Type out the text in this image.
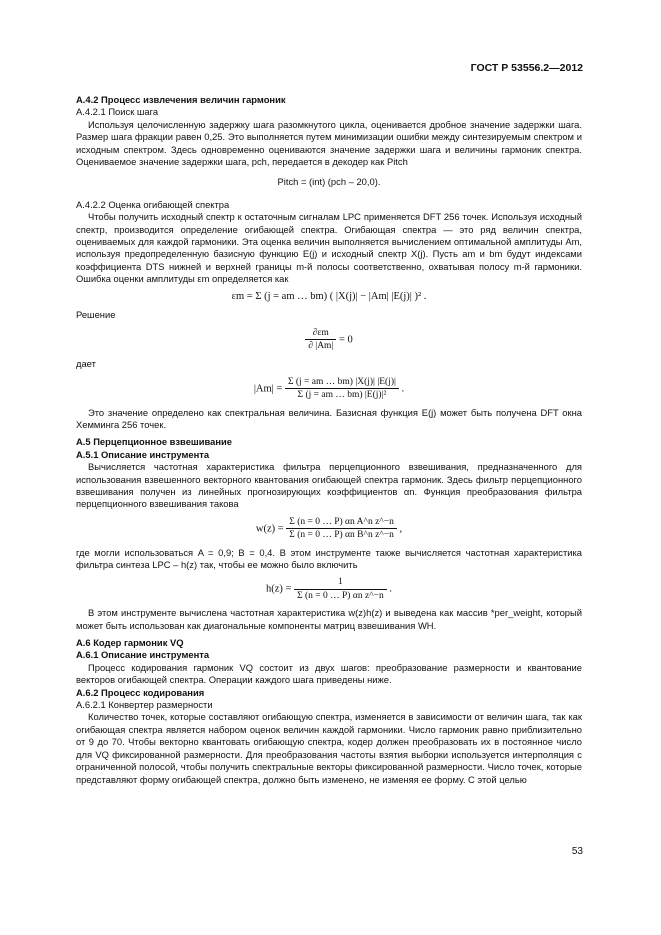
ГОСТ Р 53556.2—2012
А.4.2 Процесс извлечения величин гармоник
А.4.2.1 Поиск шага

Используя целочисленную задержку шага разомкнутого цикла, оценивается дробное значение задержки шага. Размер шага фракции равен 0,25. Это выполняется путем минимизации ошибки между синтезируемым спектром и исходным спектром. Здесь одновременно оцениваются значение задержки шага и величины гармоник спектра. Оцениваемое значение задержки шага, pch, передается в декодер как Pitch

Pitch = (int) (pch – 20,0).
А.4.2.2 Оценка огибающей спектра

Чтобы получить исходный спектр к остаточным сигналам LPC применяется DFT 256 точек. Используя исходный спектр, производится определение огибающей спектра. Огибающая спектра — это ряд величин спектра, оцениваемых для каждой гармоники. Эта оценка величин выполняется вычислением оптимальной амплитуды Am, используя предопределенную базисную функцию E(j) и исходный спектр X(j). Пусть am и bm будут индексами коэффициента DTS нижней и верхней границы m-й полосы соответственно, охватывая полосу m-й гармоники. Ошибка оценки амплитуды εm определяется как

εm = Σ (j = am … bm) ( |X(j)| − |Am| |E(j)| )² .
Решение
$\frac{\partial\varepsilon m}{\partial |Am|} = 0$
дает
$|Am| = \frac{\Sigma (j = am \dots bm) |X(j)| |E(j)|}{\text{Σ (j = am … bm) |E(j)|²}}$ .

Это значение определено как спектральная величина. Базисная функция E(j) может быть получена DFT окна Хемминга 256 точек.

А.5 Перцепционное взвешивание
А.5.1 Описание инструмента

Вычисляется частотная характеристика фильтра перцепционного взвешивания, предназначенного для использования взвешенного векторного квантования огибающей спектра гармоник. Здесь фильтр перцепционного взвешивания получен из линейных прогнозирующих коэффициентов αn. Функция преобразования фильтра перцепционного взвешивания такова

$w(z) = \frac{\text{Σ (n = 0 … P) αn A\textasciicircum{}n z\textasciicircum{}−n}}{\text{Σ (n = 0 … P) αn B\textasciicircum{}n z\textasciicircum{}−n}}$ ,

где могли использоваться A = 0,9; B = 0,4. В этом инструменте также вычисляется частотная характеристика фильтра синтеза LPC – h(z) так, чтобы ее можно было включить

$h(z) = \frac{1}{\text{Σ (n = 0 … P) αn z\textasciicircum{}−n}}$ .

В этом инструменте вычислена частотная характеристика w(z)h(z) и выведена как массив *per_weight, который может быть использован как диагональные компоненты матриц взвешивания WH.

А.6 Кодер гармоник VQ
А.6.1 Описание инструмента

Процесс кодирования гармоник VQ состоит из двух шагов: преобразование размерности и квантование векторов огибающей спектра. Операции каждого шага приведены ниже.

А.6.2 Процесс кодирования
А.6.2.1 Конвертер размерности

Количество точек, которые составляют огибающую спектра, изменяется в зависимости от величин шага, так как огибающая спектра является набором оценок величин каждой гармоники. Число гармоник равно приблизительно от 9 до 70. Чтобы векторно квантовать огибающую спектра, кодер должен преобразовать их в постоянное число для VQ фиксированной размерности. Для преобразования частоты взятия выборки используется интерполяция с ограниченной полосой, чтобы получить спектральные векторы фиксированной размерности. Число точек, которые представляют форму огибающей спектра, должно быть изменено, не изменяя ее форму. С этой целью

53
